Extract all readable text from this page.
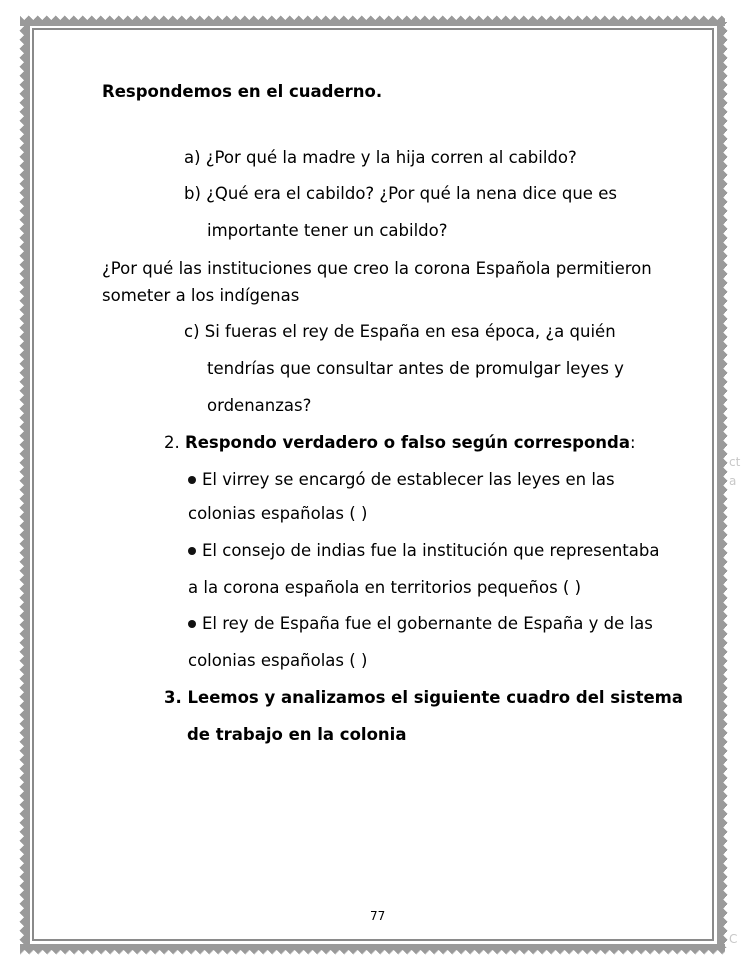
Respondemos en el cuaderno.
a) ¿Por qué la madre y la hija corren al cabildo?
b) ¿Qué era el cabildo? ¿Por qué la nena dice que es
importante tener un cabildo?
¿Por qué las instituciones que creo la corona Española permitieron
someter a los indígenas
c) Si fueras el rey de España en esa época, ¿a quién
tendrías que consultar antes de promulgar leyes y
ordenanzas?
2. Respondo verdadero o falso según corresponda:
El virrey se encargó de establecer las leyes en las
colonias españolas ( )
El consejo de indias fue la institución que representaba
a la corona española en territorios pequeños ( )
El rey de España fue el gobernante de España y de las
colonias españolas ( )
3. Leemos y analizamos el siguiente cuadro del sistema
de trabajo en la colonia
77
ct
a
C
